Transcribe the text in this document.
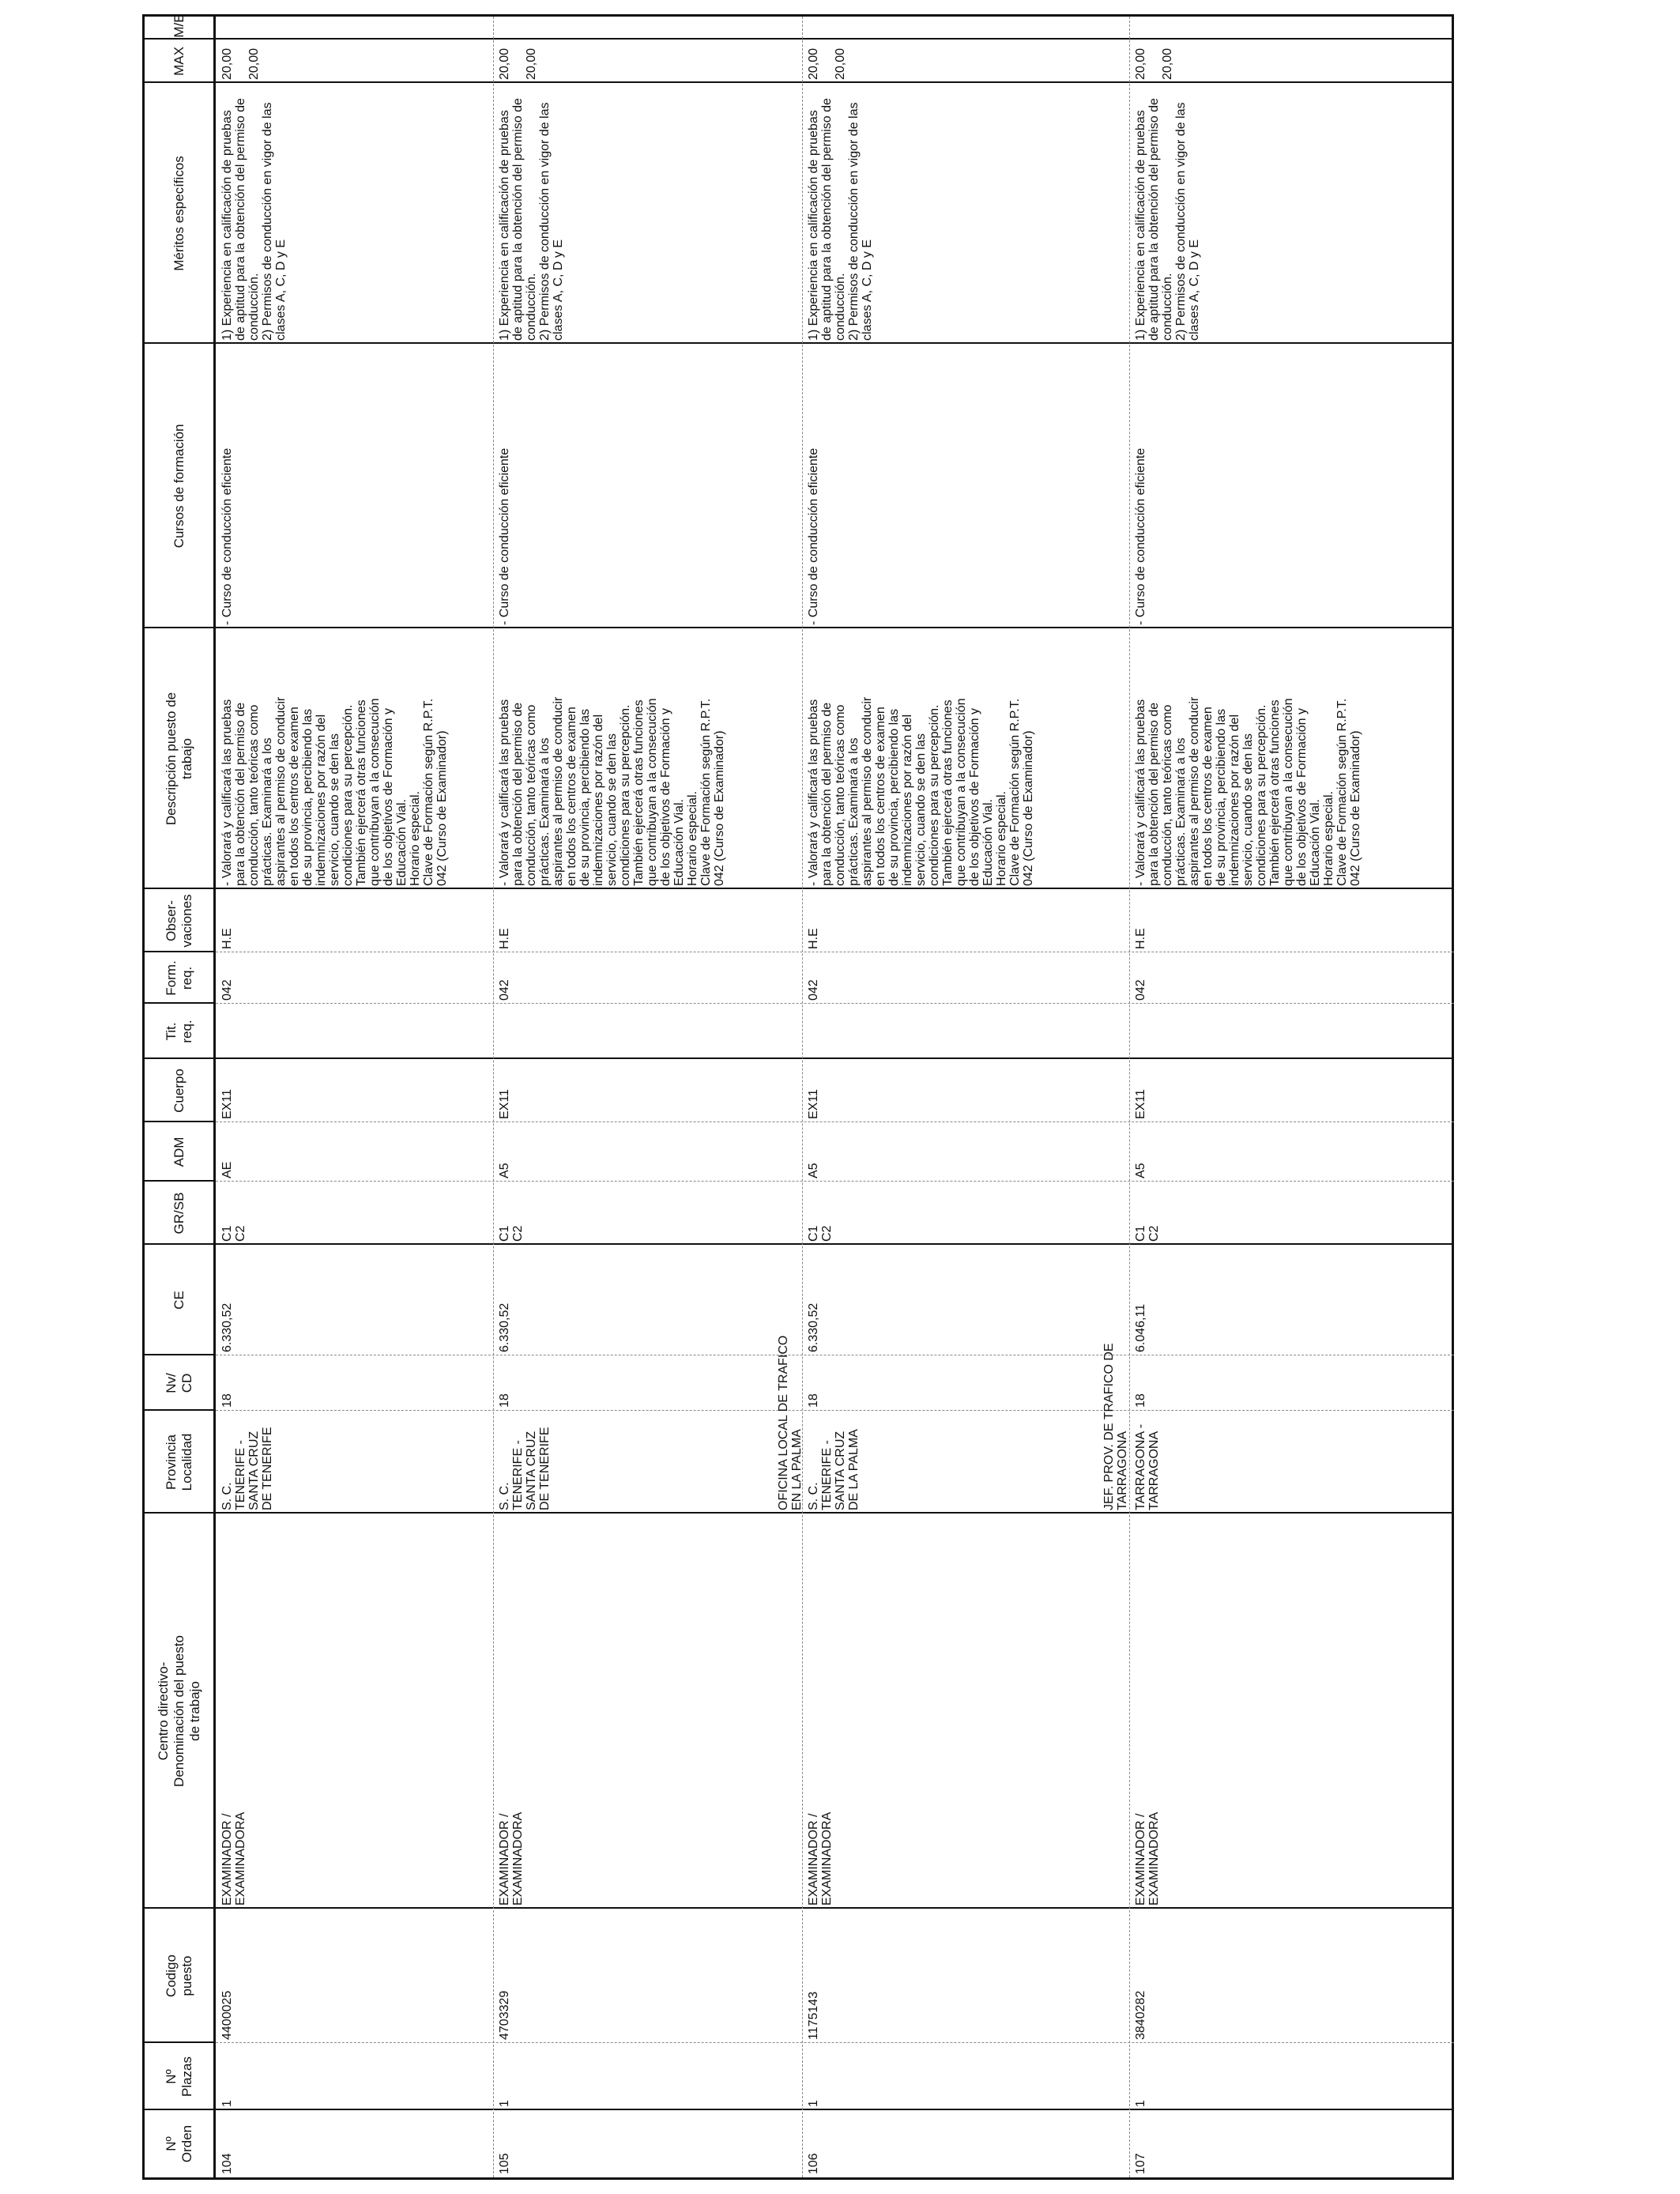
Nº
Orden
Nº
Plazas
Codigo
puesto
Centro directivo-
Denominación del puesto
de trabajo
Provincia
Localidad
Nv/
CD
CE
GR/SB
ADM
Cuerpo
Tit.
req.
Form.
req.
Obser-
vaciones
Descripción puesto de
trabajo
Cursos de formación
Méritos específicos
MAX
M/E
104
1
4400025
EXAMINADOR /
EXAMINADORA
S. C.
TENERIFE -
SANTA CRUZ
DE TENERIFE
18
6.330,52
C1
C2
AE
EX11
042
H.E
- Valorará y calificará las pruebas
para la obtención del permiso de
conducción, tanto teóricas como
prácticas. Examinará a los
aspirantes al permiso de conducir
en todos los centros de examen
de su provincia, percibiendo las
indemnizaciones por razón del
servicio, cuando se den las
condiciones para su percepción.
También ejercerá otras funciones
que contribuyan a la consecución
de los objetivos de Formación y
Educación Vial.
Horario especial.
Clave de Formación según R.P.T.
042 (Curso de Examinador)
- Curso de conducción eficiente
1) Experiencia en calificación de pruebas
de aptitud para la obtención del permiso de
conducción.
2) Permisos de conducción en vigor de las
clases A, C, D y E
20,00

20,00
105
1
4703329
EXAMINADOR /
EXAMINADORA
S. C.
TENERIFE -
SANTA CRUZ
DE TENERIFE
18
6.330,52
C1
C2
A5
EX11
042
H.E
- Valorará y calificará las pruebas
para la obtención del permiso de
conducción, tanto teóricas como
prácticas. Examinará a los
aspirantes al permiso de conducir
en todos los centros de examen
de su provincia, percibiendo las
indemnizaciones por razón del
servicio, cuando se den las
condiciones para su percepción.
También ejercerá otras funciones
que contribuyan a la consecución
de los objetivos de Formación y
Educación Vial.
Horario especial.
Clave de Formación según R.P.T.
042 (Curso de Examinador)
- Curso de conducción eficiente
1) Experiencia en calificación de pruebas
de aptitud para la obtención del permiso de
conducción.
2) Permisos de conducción en vigor de las
clases A, C, D y E
20,00

20,00
106
1
1175143
EXAMINADOR /
EXAMINADORA
S. C.
TENERIFE -
SANTA CRUZ
DE LA PALMA
18
6.330,52
C1
C2
A5
EX11
042
H.E
- Valorará y calificará las pruebas
para la obtención del permiso de
conducción, tanto teóricas como
prácticas. Examinará a los
aspirantes al permiso de conducir
en todos los centros de examen
de su provincia, percibiendo las
indemnizaciones por razón del
servicio, cuando se den las
condiciones para su percepción.
También ejercerá otras funciones
que contribuyan a la consecución
de los objetivos de Formación y
Educación Vial.
Horario especial.
Clave de Formación según R.P.T.
042 (Curso de Examinador)
- Curso de conducción eficiente
1) Experiencia en calificación de pruebas
de aptitud para la obtención del permiso de
conducción.
2) Permisos de conducción en vigor de las
clases A, C, D y E
20,00

20,00
OFICINA LOCAL DE TRAFICO
EN LA PALMA
107
1
3840282
EXAMINADOR /
EXAMINADORA
TARRAGONA -
TARRAGONA
18
6.046,11
C1
C2
A5
EX11
042
H.E
- Valorará y calificará las pruebas
para la obtención del permiso de
conducción, tanto teóricas como
prácticas. Examinará a los
aspirantes al permiso de conducir
en todos los centros de examen
de su provincia, percibiendo las
indemnizaciones por razón del
servicio, cuando se den las
condiciones para su percepción.
También ejercerá otras funciones
que contribuyan a la consecución
de los objetivos de Formación y
Educación Vial.
Horario especial.
Clave de Formación según R.P.T.
042 (Curso de Examinador)
- Curso de conducción eficiente
1) Experiencia en calificación de pruebas
de aptitud para la obtención del permiso de
conducción.
2) Permisos de conducción en vigor de las
clases A, C, D y E
20,00

20,00
JEF. PROV. DE TRAFICO DE
TARRAGONA
